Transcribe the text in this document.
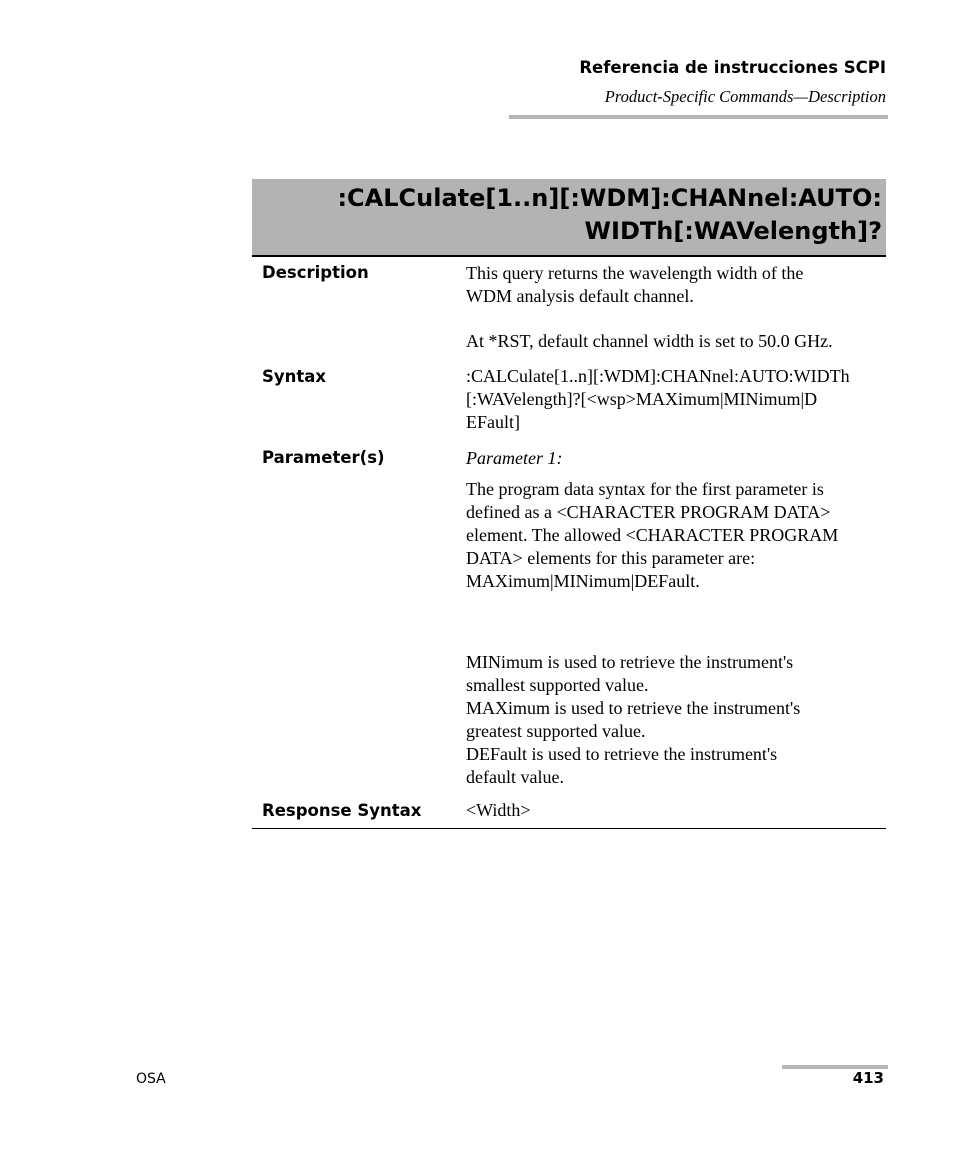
Referencia de instrucciones SCPI
Product-Specific Commands—Description
:CALCulate[1..n][:WDM]:CHANnel:AUTO:
WIDTh[:WAVelength]?
Description	This query returns the wavelength width of the

WDM analysis default channel.

At *RST, default channel width is set to 50.0 GHz.

Syntax	:CALCulate[1..n][:WDM]:CHANnel:AUTO:WIDTh

[:WAVelength]?[<wsp>MAXimum|MINimum|D

EFault]

Parameter(s)	Parameter 1:

The program data syntax for the first parameter is

defined as a <CHARACTER PROGRAM DATA>

element. The allowed <CHARACTER PROGRAM

DATA> elements for this parameter are:

MAXimum|MINimum|DEFault.

MINimum is used to retrieve the instrument's

smallest supported value.

MAXimum is used to retrieve the instrument's

greatest supported value.

DEFault is used to retrieve the instrument's

default value.

Response Syntax <Width>
OSA	413
